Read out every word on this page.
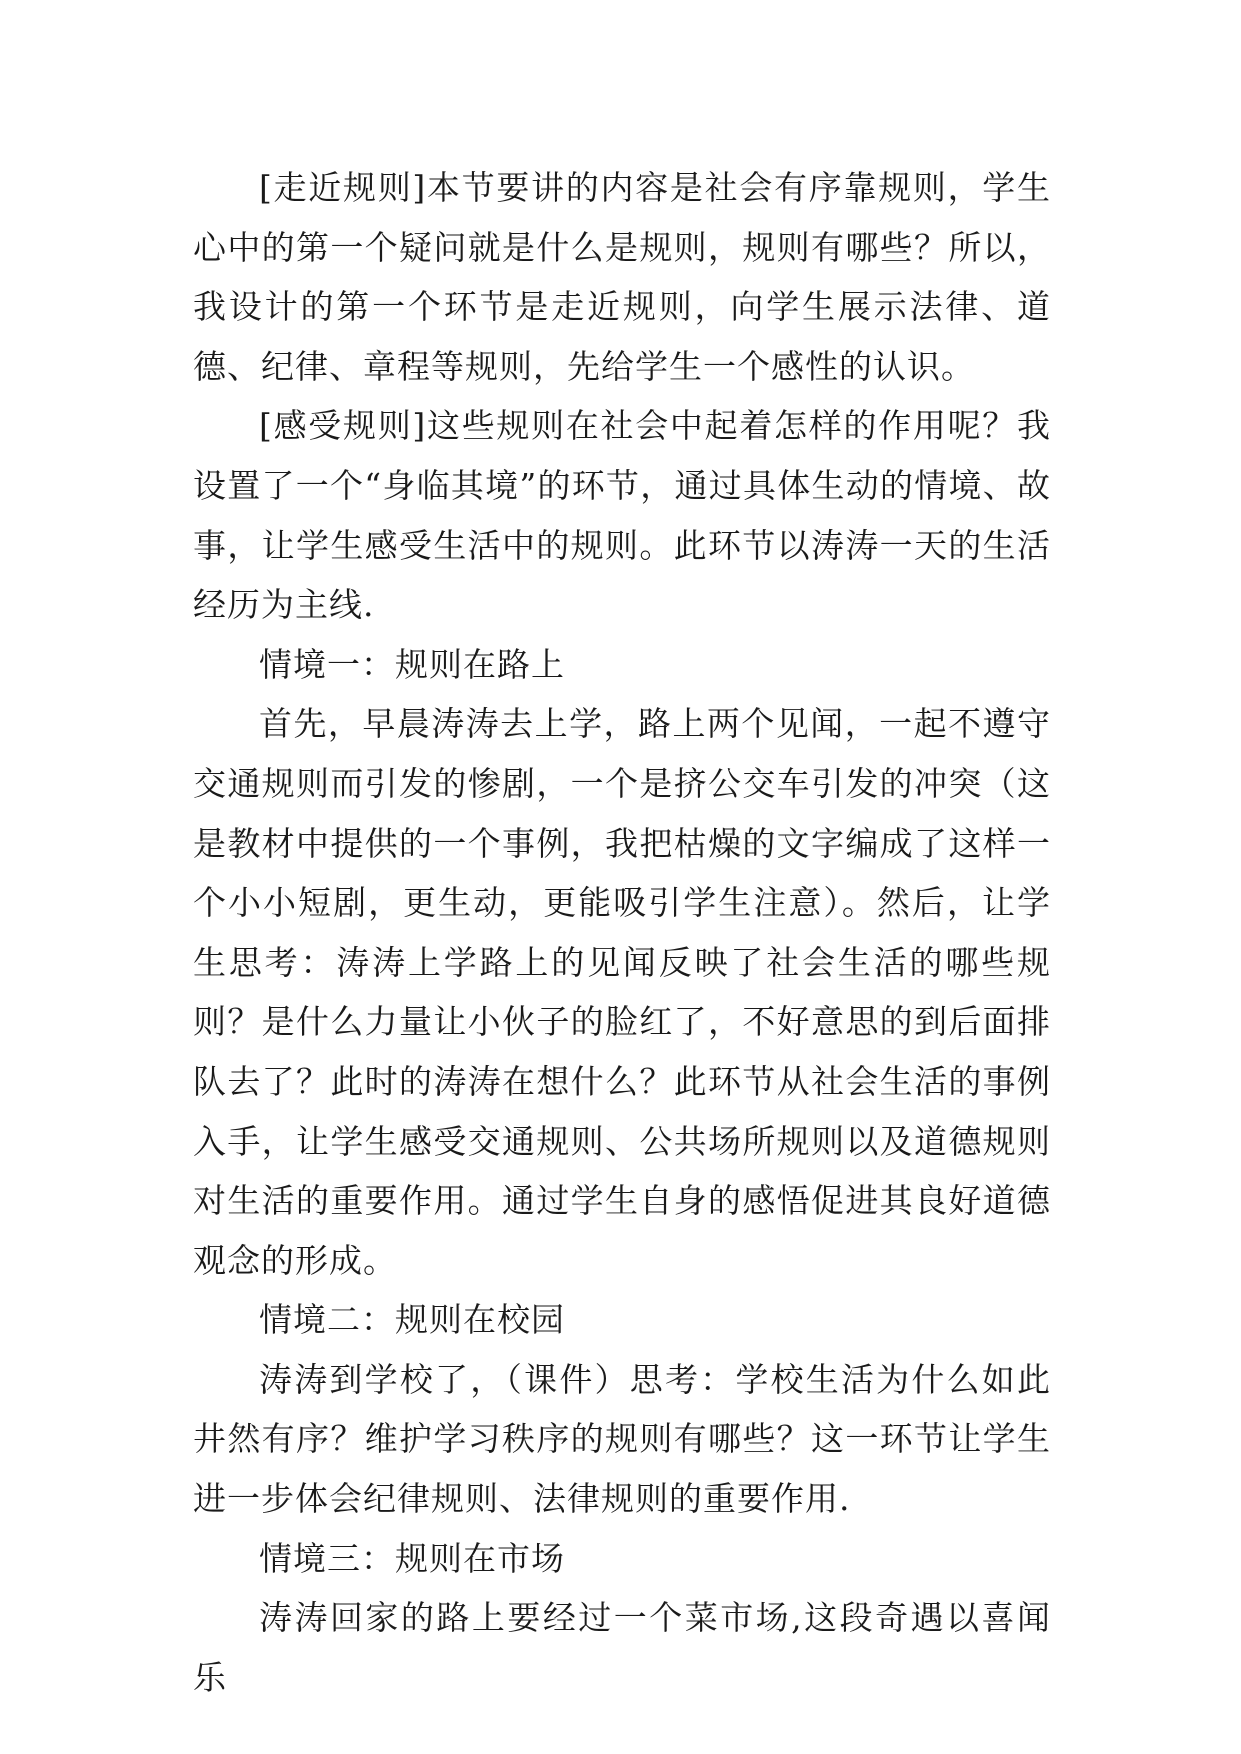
[走近规则]本节要讲的内容是社会有序靠规则，学生心中的第一个疑问就是什么是规则，规则有哪些？所以，我设计的第一个环节是走近规则，向学生展示法律、道德、纪律、章程等规则，先给学生一个感性的认识。

[感受规则]这些规则在社会中起着怎样的作用呢？我设置了一个“身临其境”的环节，通过具体生动的情境、故事，让学生感受生活中的规则。此环节以涛涛一天的生活经历为主线.

情境一：规则在路上

首先，早晨涛涛去上学，路上两个见闻，一起不遵守交通规则而引发的惨剧，一个是挤公交车引发的冲突（这是教材中提供的一个事例，我把枯燥的文字编成了这样一个小小短剧，更生动，更能吸引学生注意）。然后，让学生思考：涛涛上学路上的见闻反映了社会生活的哪些规则？是什么力量让小伙子的脸红了，不好意思的到后面排队去了？此时的涛涛在想什么？此环节从社会生活的事例入手，让学生感受交通规则、公共场所规则以及道德规则对生活的重要作用。通过学生自身的感悟促进其良好道德观念的形成。

情境二：规则在校园

涛涛到学校了，（课件）思考：学校生活为什么如此井然有序？维护学习秩序的规则有哪些？这一环节让学生进一步体会纪律规则、法律规则的重要作用.

情境三：规则在市场

涛涛回家的路上要经过一个菜市场,这段奇遇以喜闻乐
